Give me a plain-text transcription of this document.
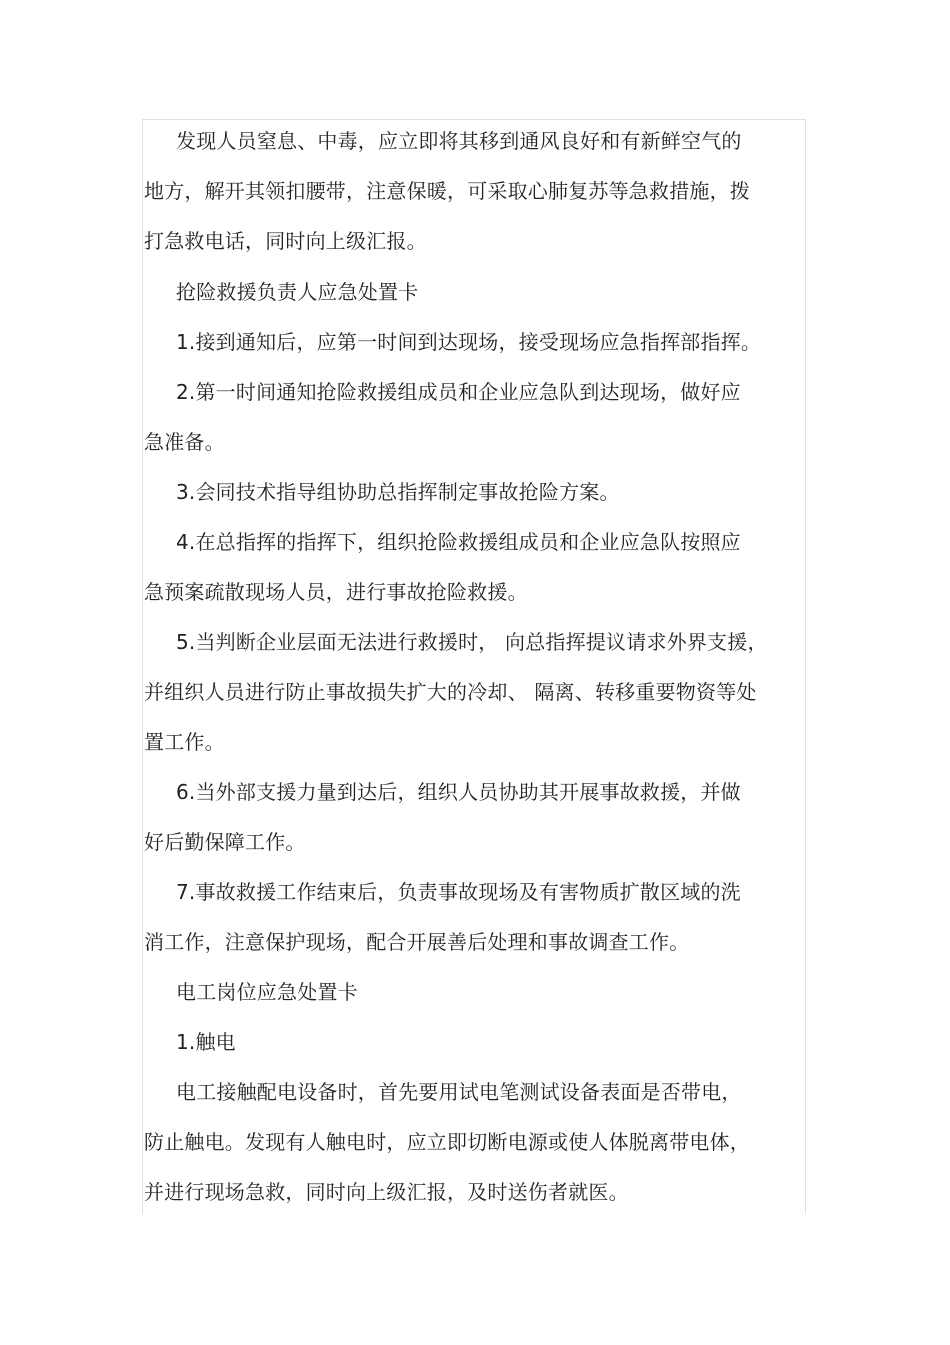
发现人员窒息、中毒，应立即将其移到通风良好和有新鲜空气的
地方，解开其领扣腰带，注意保暖，可采取心肺复苏等急救措施，拨
打急救电话，同时向上级汇报。
抢险救援负责人应急处置卡
1.接到通知后，应第一时间到达现场，接受现场应急指挥部指挥。
2.第一时间通知抢险救援组成员和企业应急队到达现场，做好应
急准备。
3.会同技术指导组协助总指挥制定事故抢险方案。
4.在总指挥的指挥下，组织抢险救援组成员和企业应急队按照应
急预案疏散现场人员，进行事故抢险救援。
5.当判断企业层面无法进行救援时， 向总指挥提议请求外界支援，
并组织人员进行防止事故损失扩大的冷却、 隔离、转移重要物资等处
置工作。
6.当外部支援力量到达后，组织人员协助其开展事故救援，并做
好后勤保障工作。
7.事故救援工作结束后，负责事故现场及有害物质扩散区域的洗
消工作，注意保护现场，配合开展善后处理和事故调查工作。
电工岗位应急处置卡
1.触电
电工接触配电设备时，首先要用试电笔测试设备表面是否带电，
防止触电。发现有人触电时，应立即切断电源或使人体脱离带电体，
并进行现场急救，同时向上级汇报，及时送伤者就医。
